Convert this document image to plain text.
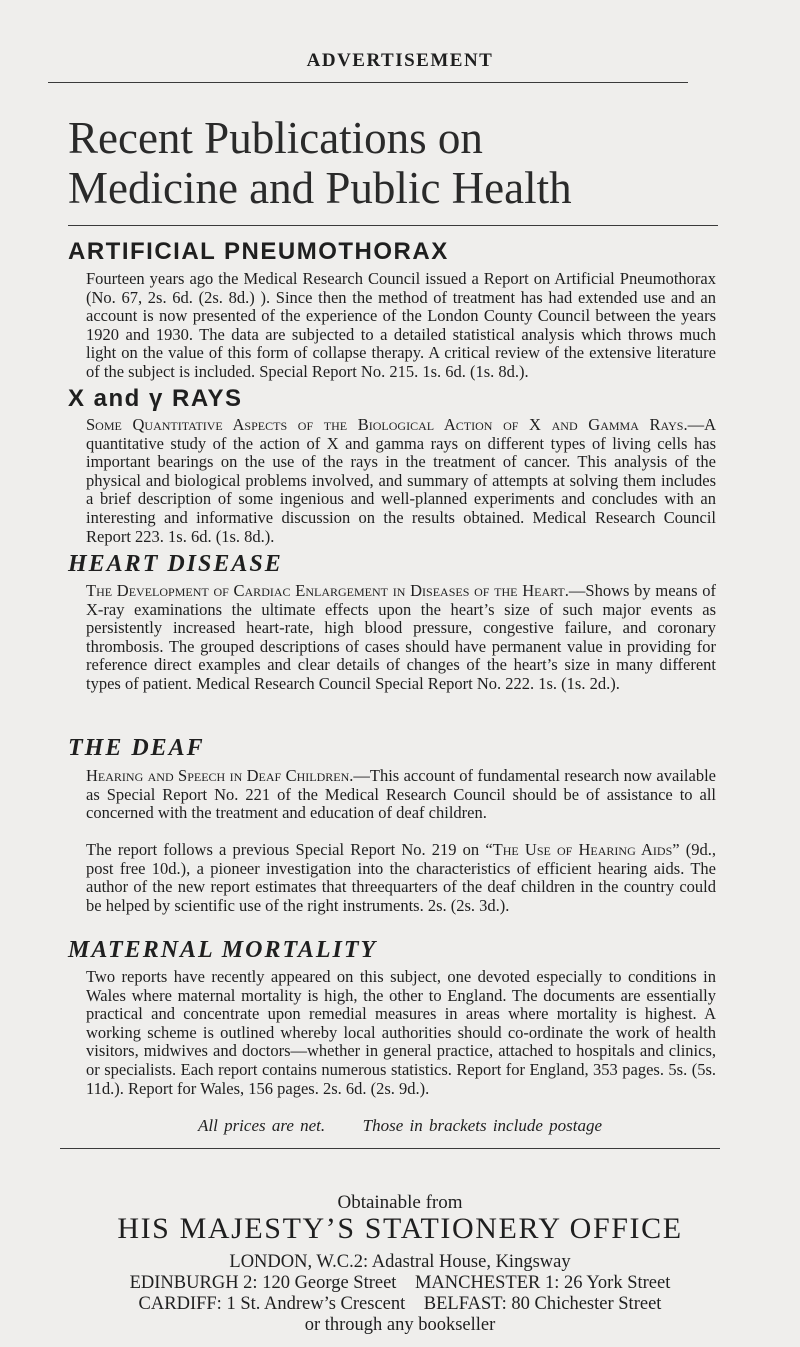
ADVERTISEMENT
Recent Publications on
Medicine and Public Health
ARTIFICIAL PNEUMOTHORAX

Fourteen years ago the Medical Research Council issued a Report on Artificial Pneumothorax (No. 67, 2s. 6d. (2s. 8d.) ). Since then the method of treatment has had extended use and an account is now presented of the experience of the London County Council between the years 1920 and 1930. The data are subjected to a detailed statistical analysis which throws much light on the value of this form of collapse therapy. A critical review of the extensive literature of the subject is included. Special Report No. 215. 1s. 6d. (1s. 8d.).

X and γ RAYS

Some Quantitative Aspects of the Biological Action of X and Gamma Rays.—A quantitative study of the action of X and gamma rays on different types of living cells has important bearings on the use of the rays in the treatment of cancer. This analysis of the physical and biological problems involved, and summary of attempts at solving them includes a brief description of some ingenious and well-planned experiments and concludes with an interesting and informative discussion on the results obtained. Medical Research Council Report 223. 1s. 6d. (1s. 8d.).

HEART DISEASE

The Development of Cardiac Enlargement in Diseases of the Heart.—Shows by means of X-ray examinations the ultimate effects upon the heart’s size of such major events as persistently increased heart-rate, high blood pressure, congestive failure, and coronary thrombosis. The grouped descriptions of cases should have permanent value in providing for reference direct examples and clear details of changes of the heart’s size in many different types of patient. Medical Research Council Special Report No. 222. 1s. (1s. 2d.).

THE DEAF

Hearing and Speech in Deaf Children.—This account of fundamental research now available as Special Report No. 221 of the Medical Research Council should be of assistance to all concerned with the treatment and education of deaf children.

The report follows a previous Special Report No. 219 on “The Use of Hearing Aids” (9d., post free 10d.), a pioneer investigation into the characteristics of efficient hearing aids. The author of the new report estimates that threequarters of the deaf children in the country could be helped by scientific use of the right instruments. 2s. (2s. 3d.).

MATERNAL MORTALITY

Two reports have recently appeared on this subject, one devoted especially to conditions in Wales where maternal mortality is high, the other to England. The documents are essentially practical and concentrate upon remedial measures in areas where mortality is highest. A working scheme is outlined whereby local authorities should co-ordinate the work of health visitors, midwives and doctors—whether in general practice, attached to hospitals and clinics, or specialists. Each report contains numerous statistics. Report for England, 353 pages. 5s. (5s. 11d.). Report for Wales, 156 pages. 2s. 6d. (2s. 9d.).

All prices are net.      Those in brackets include postage
Obtainable from
HIS MAJESTY’S STATIONERY OFFICE
LONDON, W.C.2: Adastral House, Kingsway
EDINBURGH 2: 120 George Street    MANCHESTER 1: 26 York Street
CARDIFF: 1 St. Andrew’s Crescent    BELFAST: 80 Chichester Street
or through any bookseller
